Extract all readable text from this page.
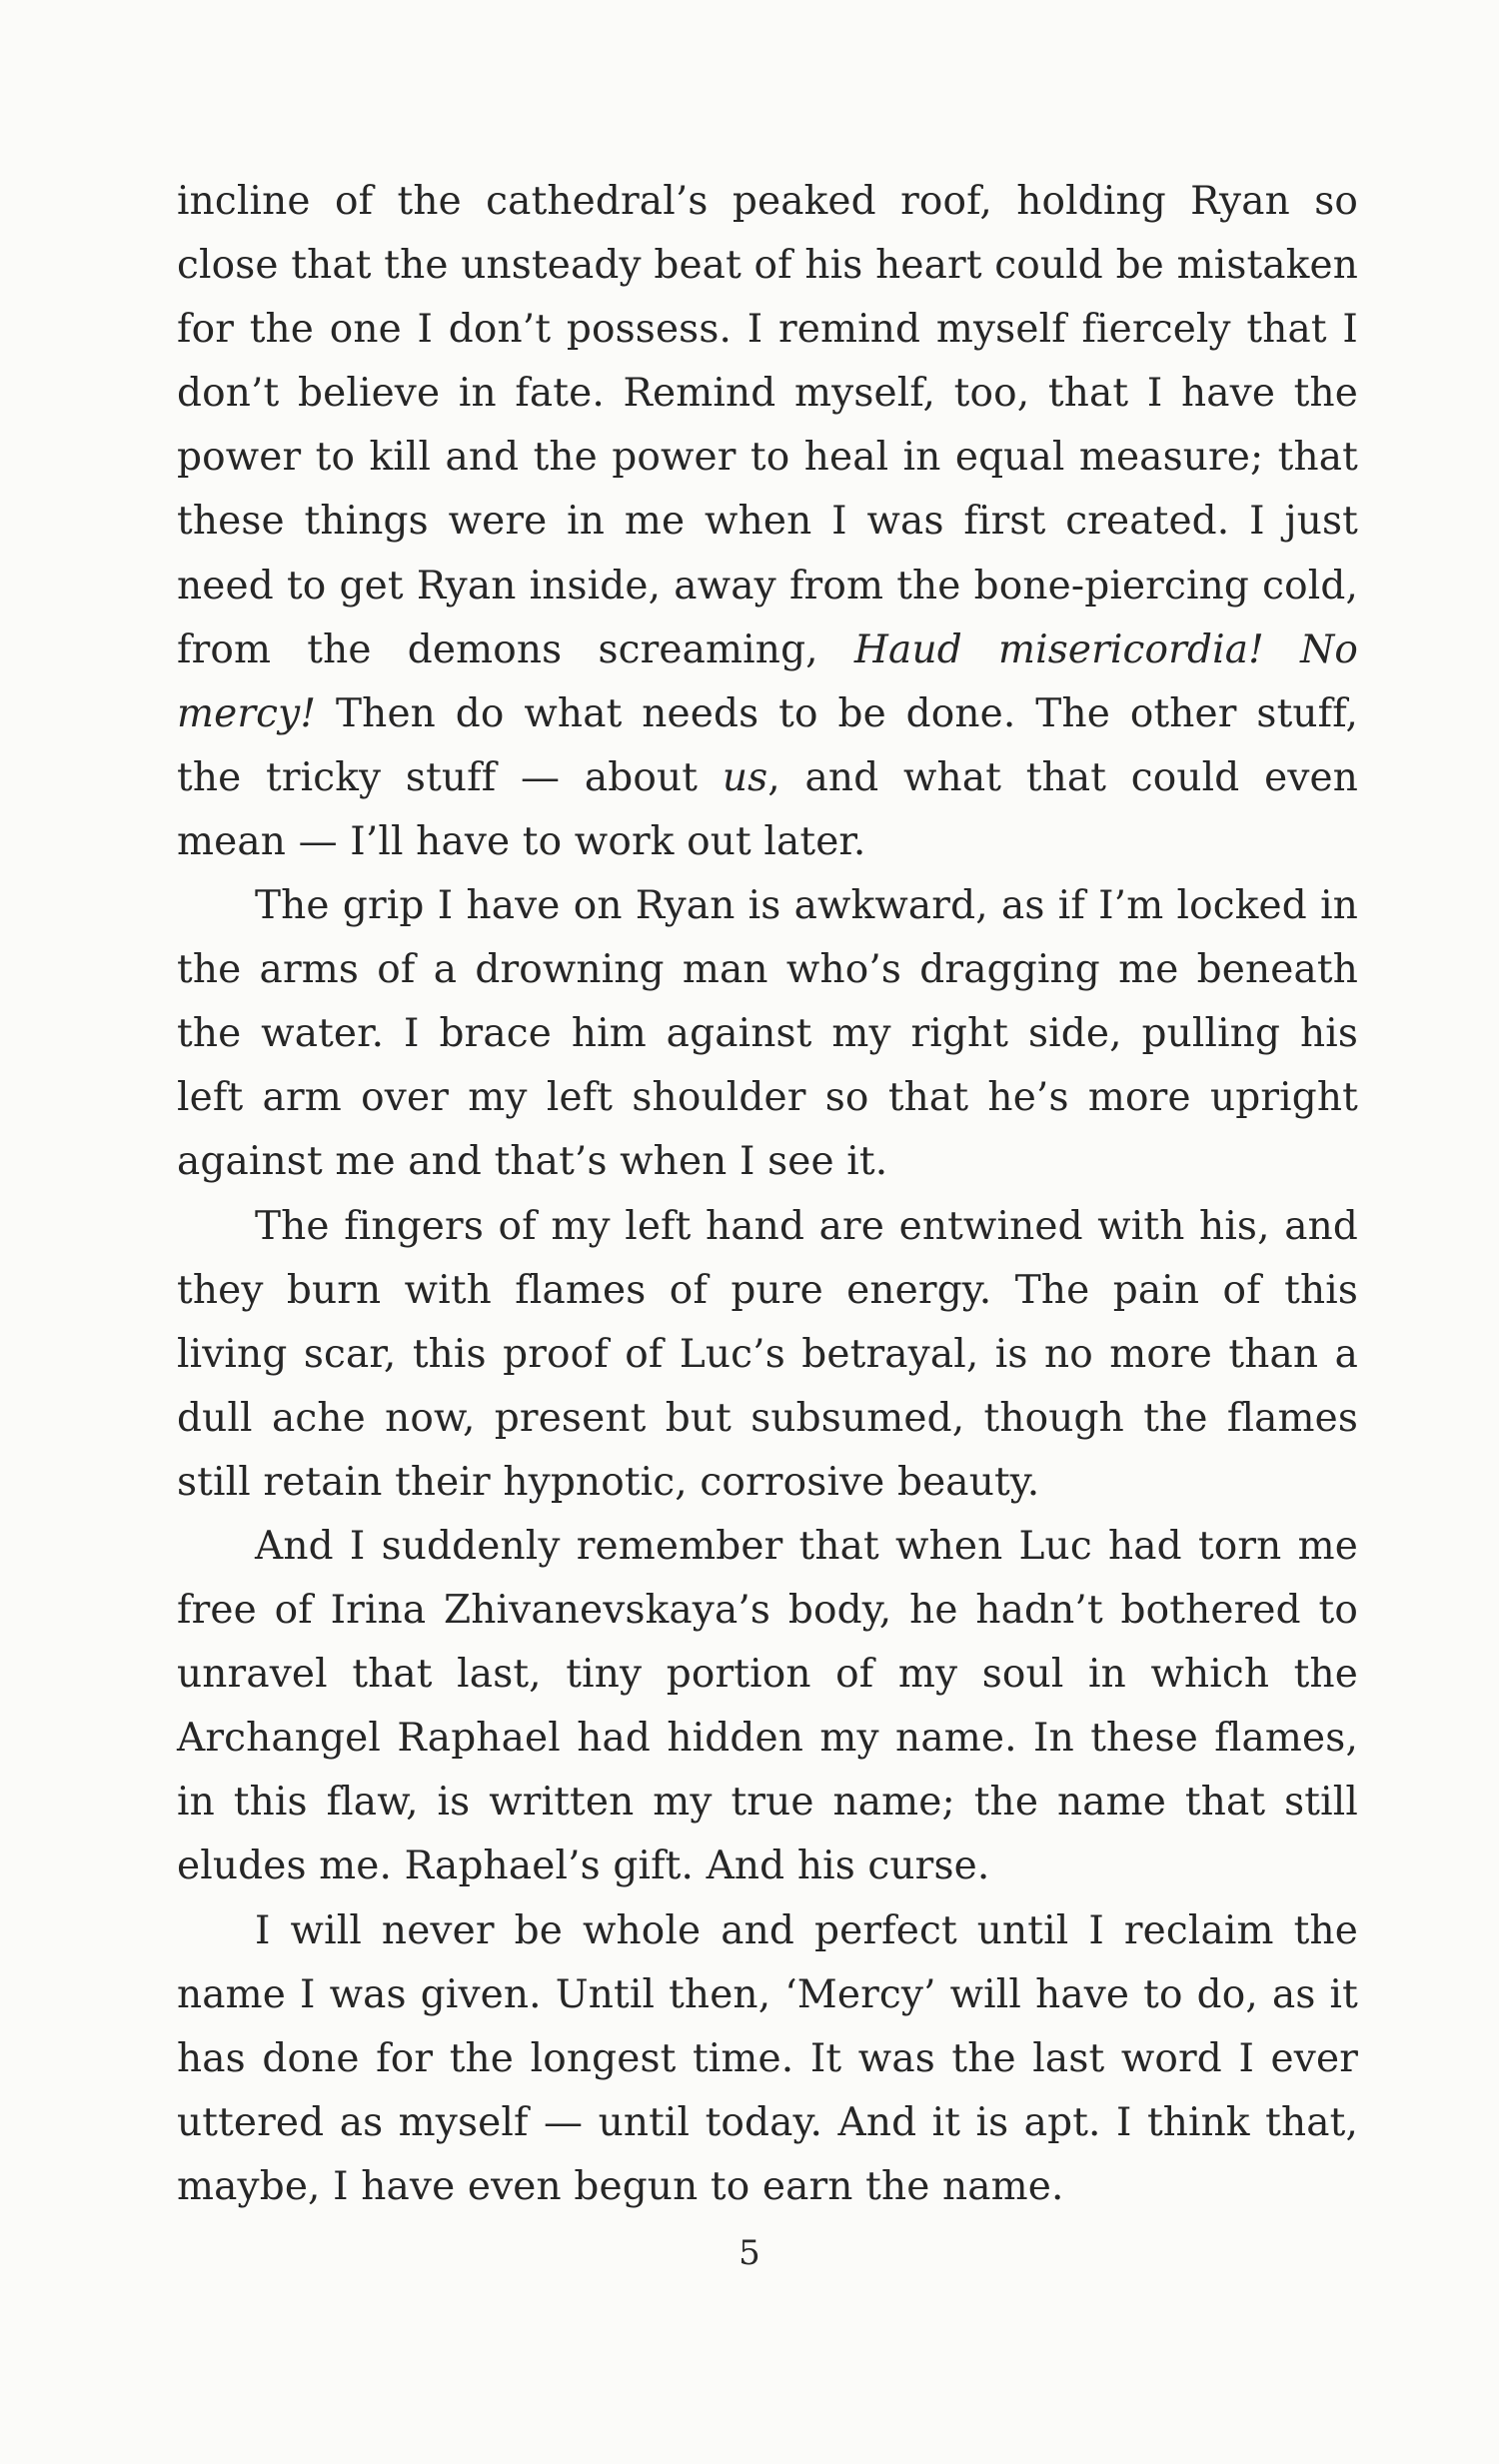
incline of the cathedral’s peaked roof, holding Ryan so close that the unsteady beat of his heart could be mistaken for the one I don’t possess. I remind myself fiercely that I don’t believe in fate. Remind myself, too, that I have the power to kill and the power to heal in equal measure; that these things were in me when I was first created. I just need to get Ryan inside, away from the bone-piercing cold, from the demons screaming, Haud misericordia! No mercy! Then do what needs to be done. The other stuff, the tricky stuff — about us, and what that could even mean — I’ll have to work out later.

The grip I have on Ryan is awkward, as if I’m locked in the arms of a drowning man who’s dragging me beneath the water. I brace him against my right side, pulling his left arm over my left shoulder so that he’s more upright against me and that’s when I see it.

The fingers of my left hand are entwined with his, and they burn with flames of pure energy. The pain of this living scar, this proof of Luc’s betrayal, is no more than a dull ache now, present but subsumed, though the flames still retain their hypnotic, corrosive beauty.

And I suddenly remember that when Luc had torn me free of Irina Zhivanevskaya’s body, he hadn’t bothered to unravel that last, tiny portion of my soul in which the Archangel Raphael had hidden my name. In these flames, in this flaw, is written my true name; the name that still eludes me. Raphael’s gift. And his curse.

I will never be whole and perfect until I reclaim the name I was given. Until then, ‘Mercy’ will have to do, as it has done for the longest time. It was the last word I ever uttered as myself — until today. And it is apt. I think that, maybe, I have even begun to earn the name.

5
